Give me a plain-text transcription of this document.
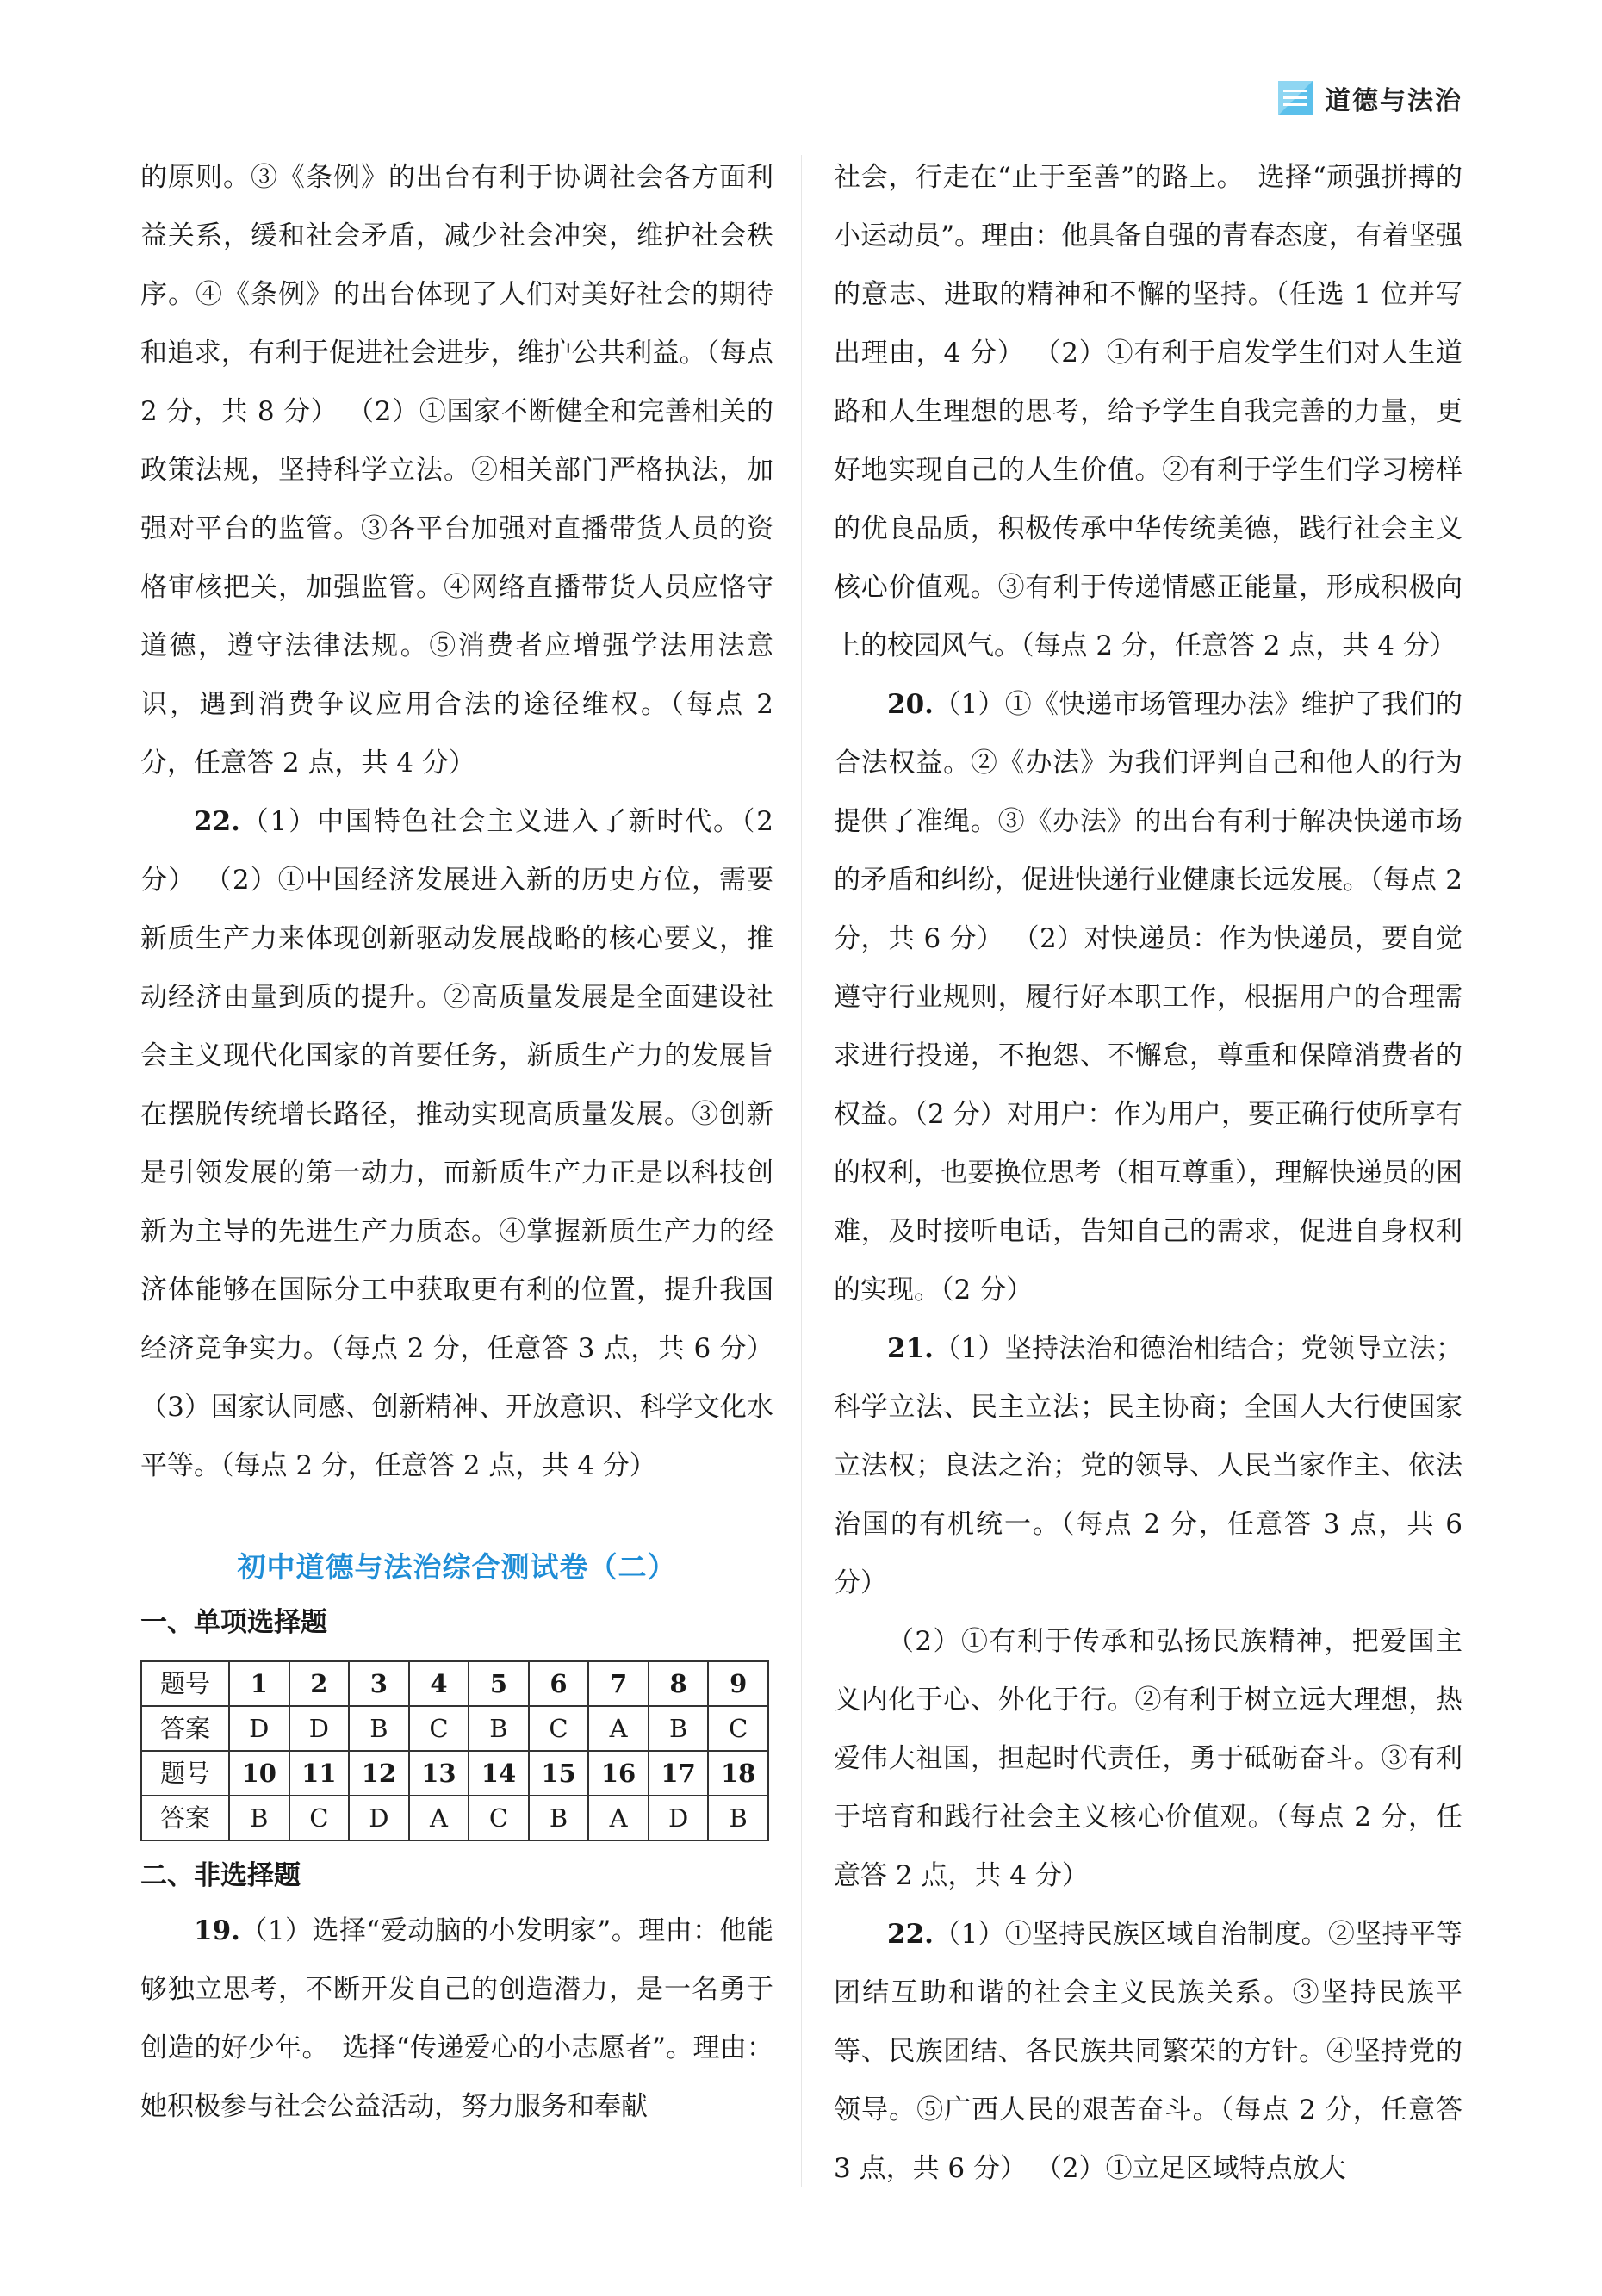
道德与法治

的原则。③《条例》的出台有利于协调社会各方面利益关系，缓和社会矛盾，减少社会冲突，维护社会秩序。④《条例》的出台体现了人们对美好社会的期待和追求，有利于促进社会进步，维护公共利益。（每点 2 分，共 8 分） （2）①国家不断健全和完善相关的政策法规，坚持科学立法。②相关部门严格执法，加强对平台的监管。③各平台加强对直播带货人员的资格审核把关，加强监管。④网络直播带货人员应恪守道德，遵守法律法规。⑤消费者应增强学法用法意识，遇到消费争议应用合法的途径维权。（每点 2 分，任意答 2 点，共 4 分）

22.（1）中国特色社会主义进入了新时代。（2 分） （2）①中国经济发展进入新的历史方位，需要新质生产力来体现创新驱动发展战略的核心要义，推动经济由量到质的提升。②高质量发展是全面建设社会主义现代化国家的首要任务，新质生产力的发展旨在摆脱传统增长路径，推动实现高质量发展。③创新是引领发展的第一动力，而新质生产力正是以科技创新为主导的先进生产力质态。④掌握新质生产力的经济体能够在国际分工中获取更有利的位置，提升我国经济竞争实力。（每点 2 分，任意答 3 点，共 6 分） （3）国家认同感、创新精神、开放意识、科学文化水平等。（每点 2 分，任意答 2 点，共 4 分）

初中道德与法治综合测试卷（二）
一、单项选择题
题号	1	2	3	4	5	6	7	8	9
答案	D	D	B	C	B	C	A	B	C
题号	10	11	12	13	14	15	16	17	18
答案	B	C	D	A	C	B	A	D	B
二、非选择题

19.（1）选择“爱动脑的小发明家”。理由：他能够独立思考，不断开发自己的创造潜力，是一名勇于创造的好少年。　选择“传递爱心的小志愿者”。理由：她积极参与社会公益活动，努力服务和奉献

社会，行走在“止于至善”的路上。　选择“顽强拼搏的小运动员”。理由：他具备自强的青春态度，有着坚强的意志、进取的精神和不懈的坚持。（任选 1 位并写出理由，4 分） （2）①有利于启发学生们对人生道路和人生理想的思考，给予学生自我完善的力量，更好地实现自己的人生价值。②有利于学生们学习榜样的优良品质，积极传承中华传统美德，践行社会主义核心价值观。③有利于传递情感正能量，形成积极向上的校园风气。（每点 2 分，任意答 2 点，共 4 分）

20.（1）①《快递市场管理办法》维护了我们的合法权益。②《办法》为我们评判自己和他人的行为提供了准绳。③《办法》的出台有利于解决快递市场的矛盾和纠纷，促进快递行业健康长远发展。（每点 2 分，共 6 分） （2）对快递员：作为快递员，要自觉遵守行业规则，履行好本职工作，根据用户的合理需求进行投递，不抱怨、不懈怠，尊重和保障消费者的权益。（2 分）对用户：作为用户，要正确行使所享有的权利，也要换位思考（相互尊重），理解快递员的困难，及时接听电话，告知自己的需求，促进自身权利的实现。（2 分）

21.（1）坚持法治和德治相结合；党领导立法；科学立法、民主立法；民主协商；全国人大行使国家立法权；良法之治；党的领导、人民当家作主、依法治国的有机统一。（每点 2 分，任意答 3 点，共 6 分）

（2）①有利于传承和弘扬民族精神，把爱国主义内化于心、外化于行。②有利于树立远大理想，热爱伟大祖国，担起时代责任，勇于砥砺奋斗。③有利于培育和践行社会主义核心价值观。（每点 2 分，任意答 2 点，共 4 分）

22.（1）①坚持民族区域自治制度。②坚持平等团结互助和谐的社会主义民族关系。③坚持民族平等、民族团结、各民族共同繁荣的方针。④坚持党的领导。⑤广西人民的艰苦奋斗。（每点 2 分，任意答 3 点，共 6 分） （2）①立足区域特点放大
